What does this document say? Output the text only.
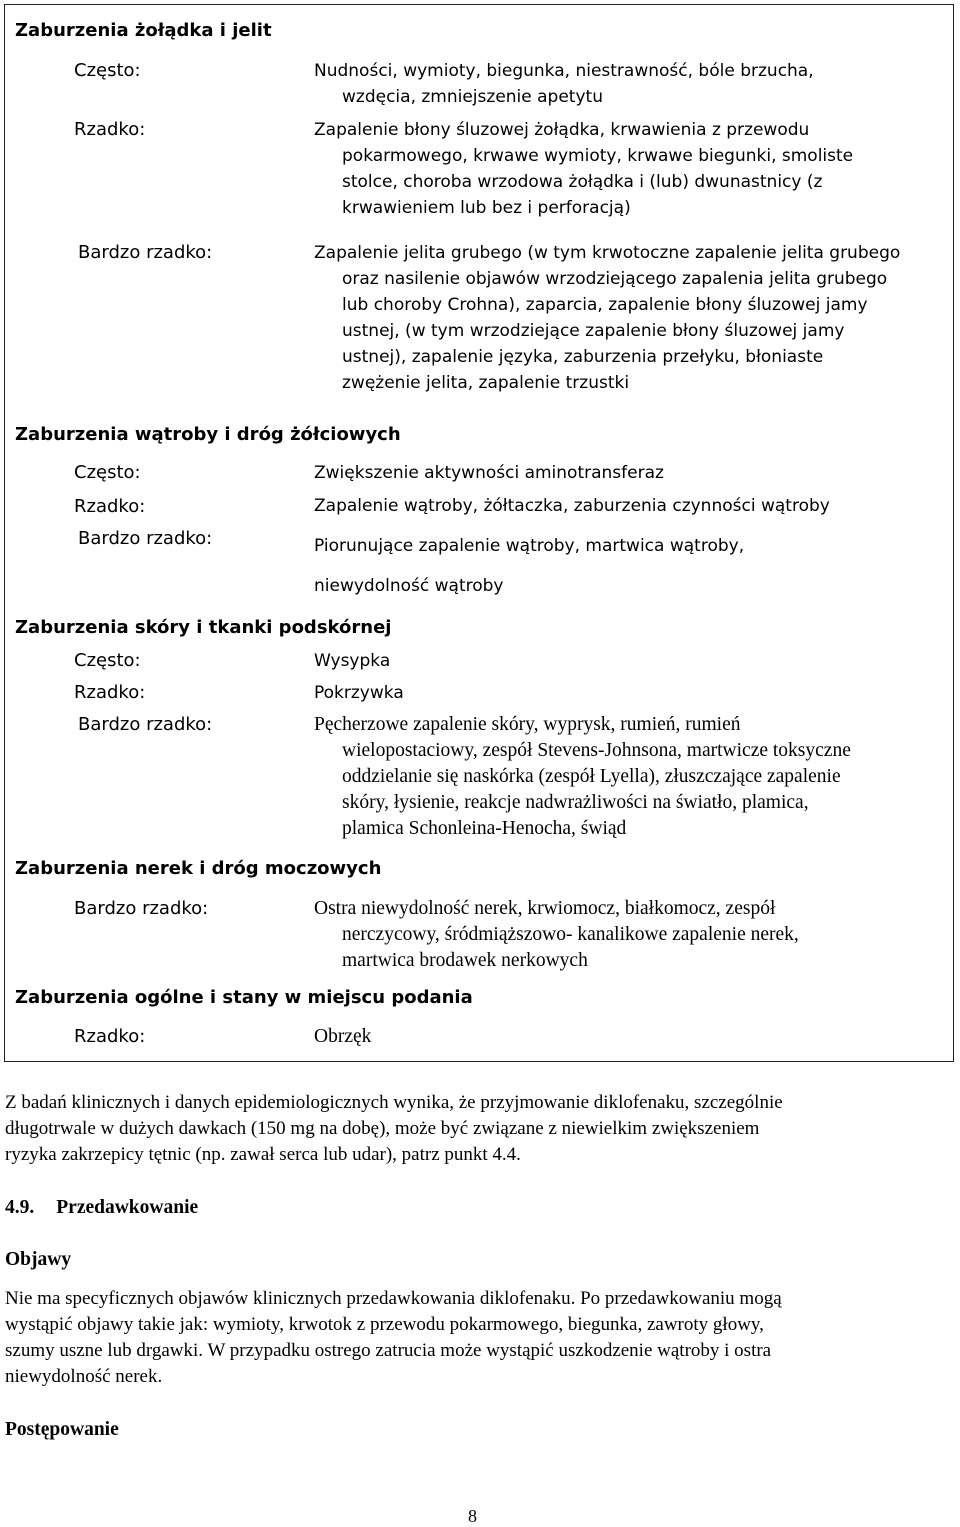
Zaburzenia żołądka i jelit
Często:	Nudności, wymioty, biegunka, niestrawność, bóle brzucha,
wzdęcia, zmniejszenie apetytu
Rzadko:	Zapalenie błony śluzowej żołądka, krwawienia z przewodu
pokarmowego, krwawe wymioty, krwawe biegunki, smoliste
stolce, choroba wrzodowa żołądka i (lub) dwunastnicy (z
krwawieniem lub bez i perforacją)
Bardzo rzadko:	Zapalenie jelita grubego (w tym krwotoczne zapalenie jelita grubego
oraz nasilenie objawów wrzodziejącego zapalenia jelita grubego
lub choroby Crohna), zaparcia, zapalenie błony śluzowej jamy
ustnej, (w tym wrzodziejące zapalenie błony śluzowej jamy
ustnej), zapalenie języka, zaburzenia przełyku, błoniaste
zwężenie jelita, zapalenie trzustki
Zaburzenia wątroby i dróg żółciowych
Często:	Zwiększenie aktywności aminotransferaz
Rzadko:	Zapalenie wątroby, żółtaczka, zaburzenia czynności wątroby
Bardzo rzadko:	Piorunujące zapalenie wątroby, martwica wątroby,
niewydolność wątroby
Zaburzenia skóry i tkanki podskórnej
Często:	Wysypka
Rzadko:	Pokrzywka
Bardzo rzadko:	Pęcherzowe zapalenie skóry, wyprysk, rumień, rumień
wielopostaciowy, zespół Stevens-Johnsona, martwicze toksyczne
oddzielanie się naskórka (zespół Lyella), złuszczające zapalenie
skóry, łysienie, reakcje nadwrażliwości na światło, plamica,
plamica Schonleina-Henocha, świąd
Zaburzenia nerek i dróg moczowych
Bardzo rzadko:	Ostra niewydolność nerek, krwiomocz, białkomocz, zespół
nerczycowy, śródmiąższowo- kanalikowe zapalenie nerek,
martwica brodawek nerkowych
Zaburzenia ogólne i stany w miejscu podania
Rzadko:	Obrzęk
Z badań klinicznych i danych epidemiologicznych wynika, że przyjmowanie diklofenaku, szczególnie
długotrwale w dużych dawkach (150 mg na dobę), może być związane z niewielkim zwiększeniem
ryzyka zakrzepicy tętnic (np. zawał serca lub udar), patrz punkt 4.4.
4.9. Przedawkowanie
Objawy
Nie ma specyficznych objawów klinicznych przedawkowania diklofenaku. Po przedawkowaniu mogą
wystąpić objawy takie jak: wymioty, krwotok z przewodu pokarmowego, biegunka, zawroty głowy,
szumy uszne lub drgawki. W przypadku ostrego zatrucia może wystąpić uszkodzenie wątroby i ostra
niewydolność nerek.
Postępowanie
8
